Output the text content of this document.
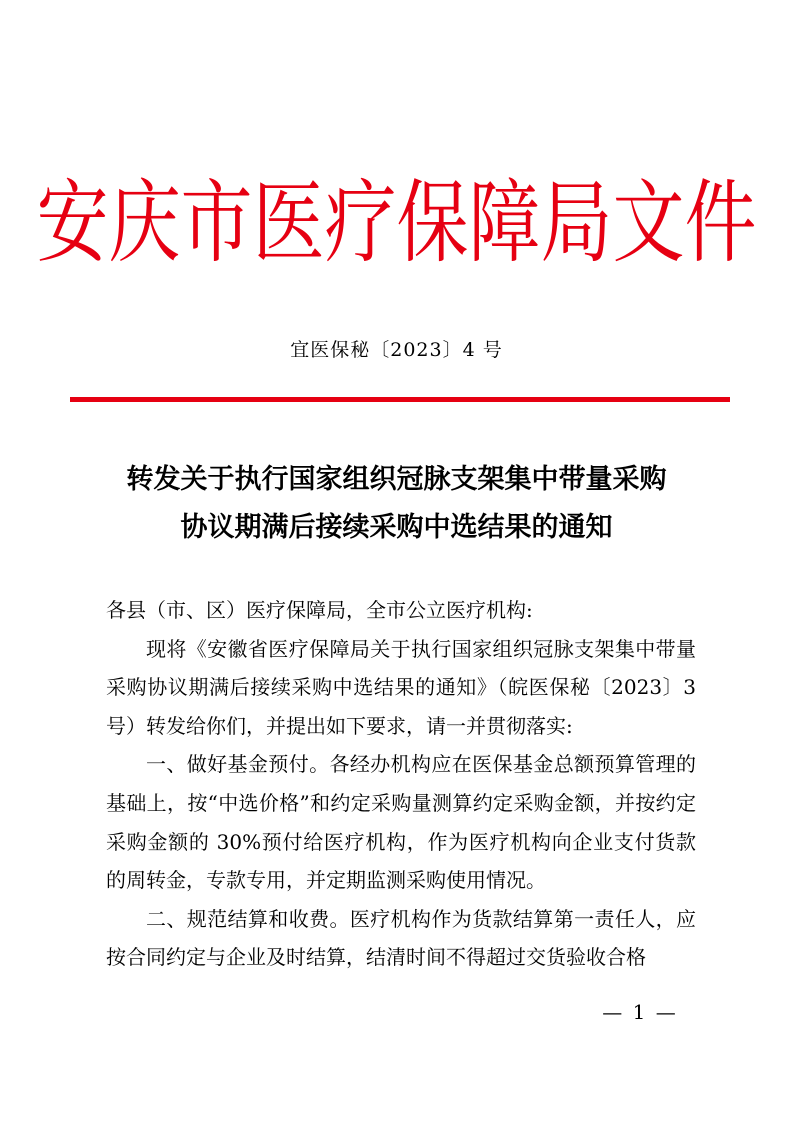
安庆市医疗保障局文件
宜医保秘〔2023〕4 号
转发关于执行国家组织冠脉支架集中带量采购
协议期满后接续采购中选结果的通知

各县（市、区）医疗保障局，全市公立医疗机构:

现将《安徽省医疗保障局关于执行国家组织冠脉支架集中带量采购协议期满后接续采购中选结果的通知》（皖医保秘〔2023〕3 号）转发给你们，并提出如下要求，请一并贯彻落实:

一、做好基金预付。各经办机构应在医保基金总额预算管理的基础上，按“中选价格”和约定采购量测算约定采购金额，并按约定采购金额的 30%预付给医疗机构，作为医疗机构向企业支付货款的周转金，专款专用，并定期监测采购使用情况。

二、规范结算和收费。医疗机构作为货款结算第一责任人，应按合同约定与企业及时结算，结清时间不得超过交货验收合格

— 1 —
